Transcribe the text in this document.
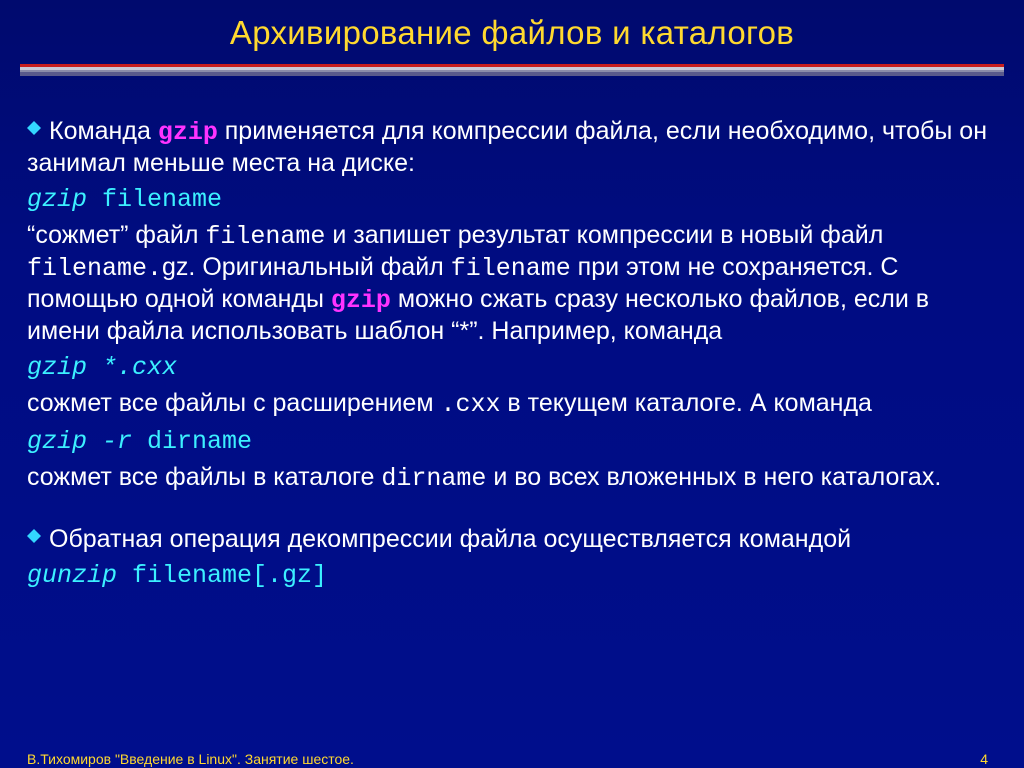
Архивирование файлов и каталогов

Команда gzip применяется для компрессии файла, если необходимо, чтобы он занимал меньше места на диске:

gzip filename

“сожмет” файл filename и запишет результат компрессии в новый файл filename.gz. Оригинальный файл filename при этом не сохраняется. С помощью одной команды gzip можно сжать сразу несколько файлов, если в имени файла использовать шаблон “*”. Например, команда

gzip *.cxx

сожмет все файлы с расширением .cxx в текущем каталоге. А команда

gzip -r dirname

сожмет все файлы в каталоге dirname и во всех вложенных в него каталогах.

Обратная операция декомпрессии файла осуществляется командой

gunzip filename[.gz]
В.Тихомиров "Введение в Linux". Занятие шестое.	4
